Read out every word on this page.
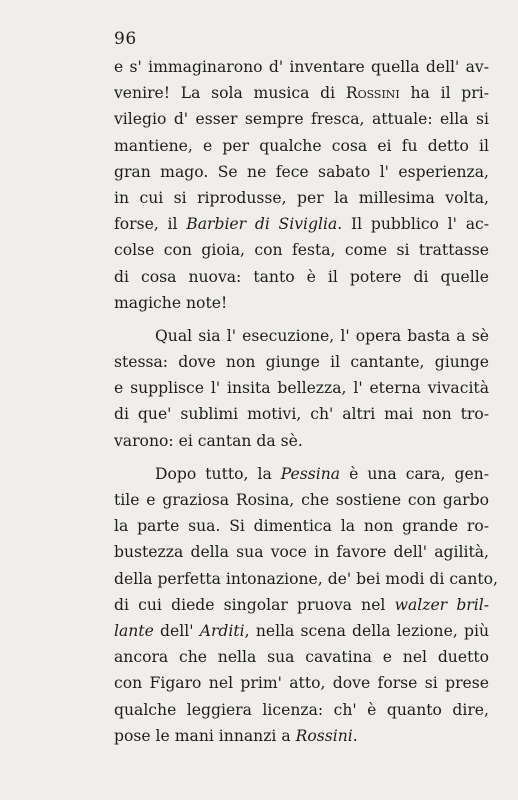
96
e s' immaginarono d' inventare quella dell' av-
venire! La sola musica di Rossini ha il pri-
vilegio d' esser sempre fresca, attuale: ella si
mantiene, e per qualche cosa ei fu detto il
gran mago. Se ne fece sabato l' esperienza,
in cui si riprodusse, per la millesima volta,
forse, il Barbier di Siviglia. Il pubblico l' ac-
colse con gioia, con festa, come si trattasse
di cosa nuova: tanto è il potere di quelle
magiche note!
Qual sia l' esecuzione, l' opera basta a sè
stessa: dove non giunge il cantante, giunge
e supplisce l' insita bellezza, l' eterna vivacità
di que' sublimi motivi, ch' altri mai non tro-
varono: ei cantan da sè.
Dopo tutto, la Pessina è una cara, gen-
tile e graziosa Rosina, che sostiene con garbo
la parte sua. Si dimentica la non grande ro-
bustezza della sua voce in favore dell' agilità,
della perfetta intonazione, de' bei modi di canto,
di cui diede singolar pruova nel walzer bril-
lante dell' Arditi, nella scena della lezione, più
ancora che nella sua cavatina e nel duetto
con Figaro nel prim' atto, dove forse si prese
qualche leggiera licenza: ch' è quanto dire,
pose le mani innanzi a Rossini.
